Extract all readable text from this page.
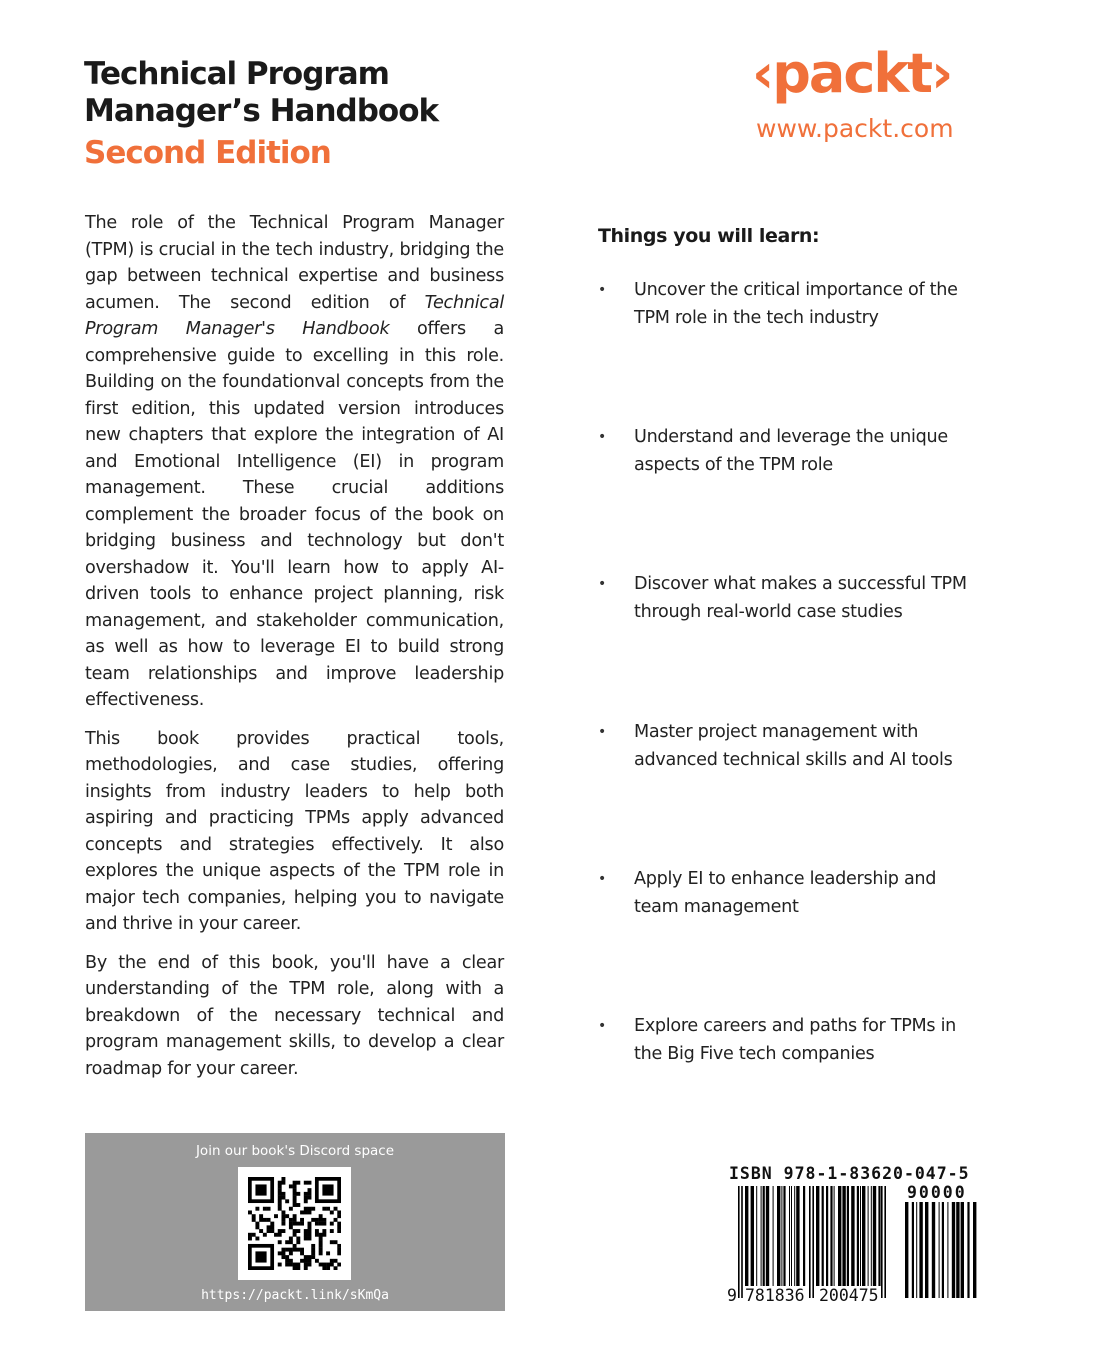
Technical Program
Manager’s Handbook
Second Edition
‹packt›
www.packt.com

The role of the Technical Program Manager (TPM) is crucial in the tech industry, bridging the gap between technical expertise and business acumen. The second edition of Technical Program Manager's Handbook offers a comprehensive guide to excelling in this role. Building on the foundationval concepts from the first edition, this updated version introduces new chapters that explore the integration of AI and Emotional Intelligence (EI) in program management. These crucial additions complement the broader focus of the book on bridging business and technology but don't overshadow it. You'll learn how to apply AI-driven tools to enhance project planning, risk management, and stakeholder communication, as well as how to leverage EI to build strong team relationships and improve leadership effectiveness.

This book provides practical tools, methodologies, and case studies, offering insights from industry leaders to help both aspiring and practicing TPMs apply advanced concepts and strategies effectively. It also explores the unique aspects of the TPM role in major tech companies, helping you to navigate and thrive in your career.

By the end of this book, you'll have a clear understanding of the TPM role, along with a breakdown of the necessary technical and program management skills, to develop a clear roadmap for your career.

Things you will learn:
• Uncover the critical importance of the
TPM role in the tech industry
• Understand and leverage the unique
aspects of the TPM role
• Discover what makes a successful TPM
through real-world case studies
• Master project management with
advanced technical skills and AI tools
• Apply EI to enhance leadership and
team management
• Explore careers and paths for TPMs in
the Big Five tech companies
Join our book's Discord space
https://packt.link/sKmQa
ISBN 978-1-83620-047-5
90000
9 781836 200475
